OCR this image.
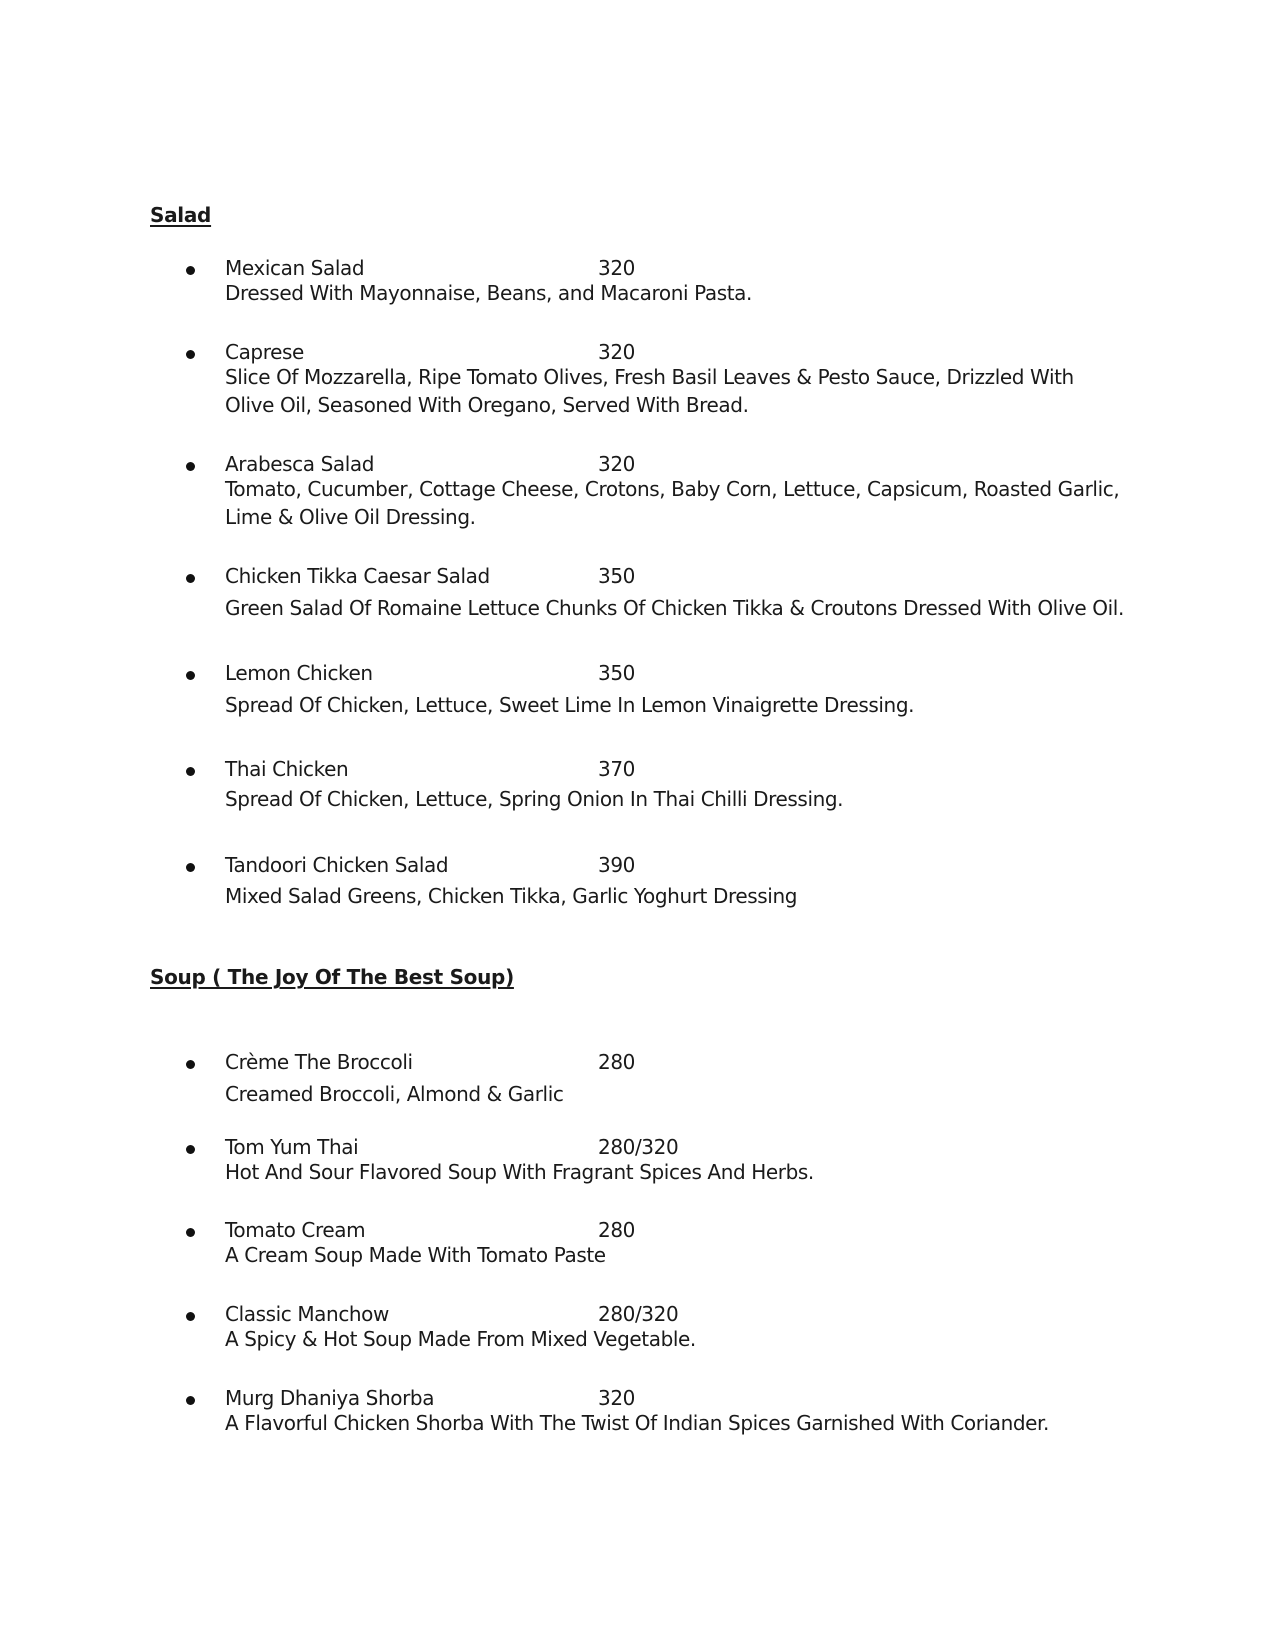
Salad
Mexican Salad	320

Dressed With Mayonnaise, Beans, and Macaroni Pasta.

Caprese	320

Slice Of Mozzarella, Ripe Tomato Olives, Fresh Basil Leaves & Pesto Sauce, Drizzled With Olive Oil, Seasoned With Oregano, Served With Bread.

Arabesca Salad	320

Tomato, Cucumber, Cottage Cheese, Crotons, Baby Corn, Lettuce, Capsicum, Roasted Garlic, Lime & Olive Oil Dressing.

Chicken Tikka Caesar Salad	350

Green Salad Of Romaine Lettuce Chunks Of Chicken Tikka & Croutons Dressed With Olive Oil.

Lemon Chicken	350

Spread Of Chicken, Lettuce, Sweet Lime In Lemon Vinaigrette Dressing.

Thai Chicken	370

Spread Of Chicken, Lettuce, Spring Onion In Thai Chilli Dressing.

Tandoori Chicken Salad	390

Mixed Salad Greens, Chicken Tikka, Garlic Yoghurt Dressing

Soup ( The Joy Of The Best Soup)
Crème The Broccoli	280

Creamed Broccoli, Almond & Garlic

Tom Yum Thai	280/320

Hot And Sour Flavored Soup With Fragrant Spices And Herbs.

Tomato Cream	280

A Cream Soup Made With Tomato Paste

Classic Manchow	280/320

A Spicy & Hot Soup Made From Mixed Vegetable.

Murg Dhaniya Shorba	320

A Flavorful Chicken Shorba With The Twist Of Indian Spices Garnished With Coriander.
